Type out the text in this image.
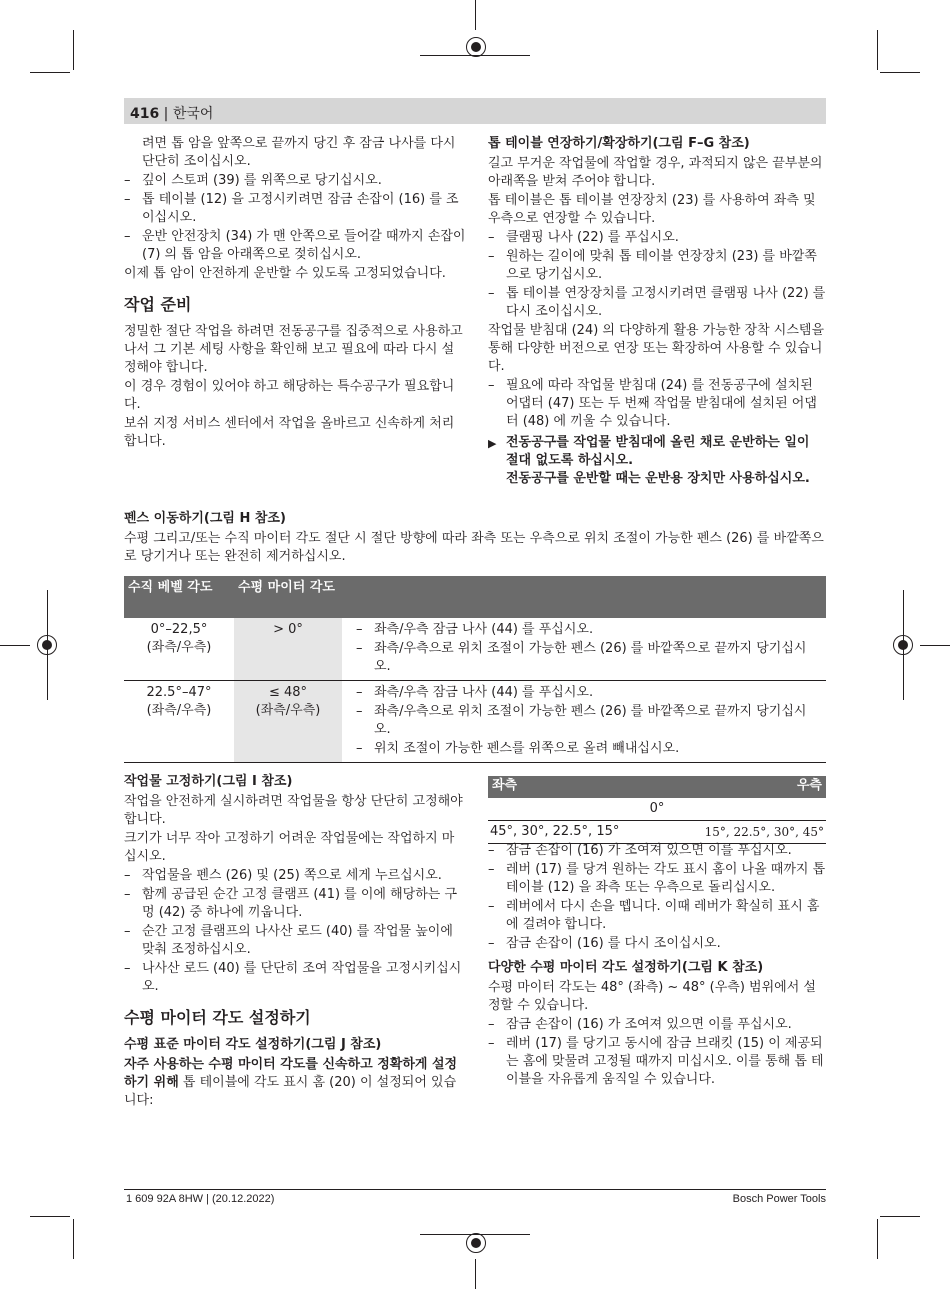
416 | 한국어

려면 톱 암을 앞쪽으로 끝까지 당긴 후 잠금 나사를 다시 단단히 조이십시오.

– 깊이 스토퍼 (39) 를 위쪽으로 당기십시오.
– 톱 테이블 (12) 을 고정시키려면 잠금 손잡이 (16) 를 조이십시오.
– 운반 안전장치 (34) 가 맨 안쪽으로 들어갈 때까지 손잡이 (7) 의 톱 암을 아래쪽으로 젖히십시오.

이제 톱 암이 안전하게 운반할 수 있도록 고정되었습니다.

작업 준비

정밀한 절단 작업을 하려면 전동공구를 집중적으로 사용하고 나서 그 기본 세팅 사항을 확인해 보고 필요에 따라 다시 설정해야 합니다.

이 경우 경험이 있어야 하고 해당하는 특수공구가 필요합니다.

보쉬 지정 서비스 센터에서 작업을 올바르고 신속하게 처리합니다.

톱 테이블 연장하기/확장하기(그림 F–G 참조)

길고 무거운 작업물에 작업할 경우, 과적되지 않은 끝부분의 아래쪽을 받쳐 주어야 합니다.

톱 테이블은 톱 테이블 연장장치 (23) 를 사용하여 좌측 및 우측으로 연장할 수 있습니다.

– 클램핑 나사 (22) 를 푸십시오.
– 원하는 길이에 맞춰 톱 테이블 연장장치 (23) 를 바깥쪽으로 당기십시오.
– 톱 테이블 연장장치를 고정시키려면 클램핑 나사 (22) 를 다시 조이십시오.

작업물 받침대 (24) 의 다양하게 활용 가능한 장착 시스템을 통해 다양한 버전으로 연장 또는 확장하여 사용할 수 있습니다.

– 필요에 따라 작업물 받침대 (24) 를 전동공구에 설치된 어댑터 (47) 또는 두 번째 작업물 받침대에 설치된 어댑터 (48) 에 끼울 수 있습니다.
▶ 전동공구를 작업물 받침대에 올린 채로 운반하는 일이 절대 없도록 하십시오.
전동공구를 운반할 때는 운반용 장치만 사용하십시오.
펜스 이동하기(그림 H 참조)

수평 그리고/또는 수직 마이터 각도 절단 시 절단 방향에 따라 좌측 또는 우측으로 위치 조절이 가능한 펜스 (26) 를 바깥쪽으로 당기거나 또는 완전히 제거하십시오.

수직 베벨 각도	수평 마이터 각도
0°–22,5°
(좌측/우측)
> 0°
–	좌측/우측 잠금 나사 (44) 를 푸십시오.
– 좌측/우측으로 위치 조절이 가능한 펜스 (26) 를 바깥쪽으로 끝까지 당기십시오.
22.5°–47°
(좌측/우측)
≤ 48°
(좌측/우측)
– 좌측/우측 잠금 나사 (44) 를 푸십시오.
– 좌측/우측으로 위치 조절이 가능한 펜스 (26) 를 바깥쪽으로 끝까지 당기십시오.
– 위치 조절이 가능한 펜스를 위쪽으로 올려 빼내십시오.
작업물 고정하기(그림 I 참조)

작업을 안전하게 실시하려면 작업물을 항상 단단히 고정해야 합니다.

크기가 너무 작아 고정하기 어려운 작업물에는 작업하지 마십시오.

– 작업물을 펜스 (26) 및 (25) 쪽으로 세게 누르십시오.
– 함께 공급된 순간 고정 클램프 (41) 를 이에 해당하는 구멍 (42) 중 하나에 끼웁니다.
– 순간 고정 클램프의 나사산 로드 (40) 를 작업물 높이에 맞춰 조정하십시오.
– 나사산 로드 (40) 를 단단히 조여 작업물을 고정시키십시오.
수평 마이터 각도 설정하기
수평 표준 마이터 각도 설정하기(그림 J 참조)

자주 사용하는 수평 마이터 각도를 신속하고 정확하게 설정하기 위해 톱 테이블에 각도 표시 홈 (20) 이 설정되어 있습니다:

좌측	우측
0°
45°, 30°, 22.5°, 15°	15°, 22.5°, 30°, 45°
– 잠금 손잡이 (16) 가 조여져 있으면 이를 푸십시오.
– 레버 (17) 를 당겨 원하는 각도 표시 홈이 나올 때까지 톱 테이블 (12) 을 좌측 또는 우측으로 돌리십시오.
– 레버에서 다시 손을 뗍니다. 이때 레버가 확실히 표시 홈에 걸려야 합니다.
– 잠금 손잡이 (16) 를 다시 조이십시오.
다양한 수평 마이터 각도 설정하기(그림 K 참조)

수평 마이터 각도는 48° (좌측) ~ 48° (우측) 범위에서 설정할 수 있습니다.

– 잠금 손잡이 (16) 가 조여져 있으면 이를 푸십시오.
– 레버 (17) 를 당기고 동시에 잠금 브래킷 (15) 이 제공되는 홈에 맞물려 고정될 때까지 미십시오. 이를 통해 톱 테이블을 자유롭게 움직일 수 있습니다.
1 609 92A 8HW | (20.12.2022)	Bosch Power Tools
